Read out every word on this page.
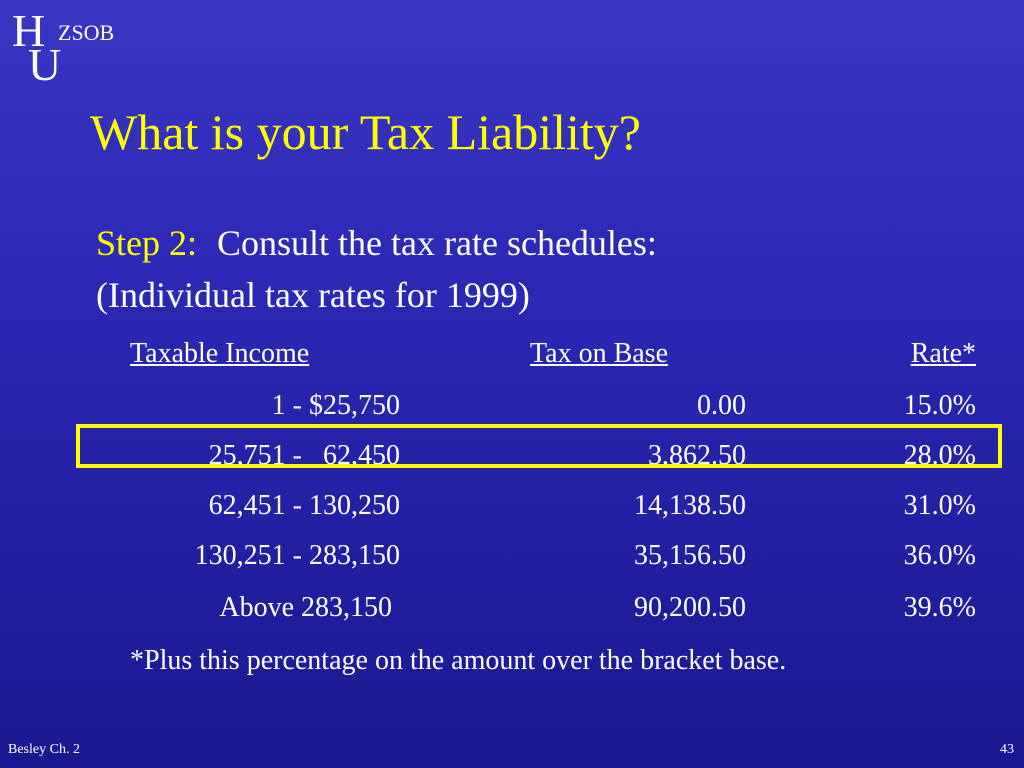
H ZSOB
U
What is your Tax Liability?
Step 2: Consult the tax rate schedules:
(Individual tax rates for 1999)
Taxable Income	Tax on Base	Rate*
1 - $25,750	0.00	15.0%
25,751 -   62,450	3,862.50	28.0%
62,451 - 130,250	14,138.50	31.0%
130,251 - 283,150	35,156.50	36.0%
Above 283,150	90,200.50	39.6%
*Plus this percentage on the amount over the bracket base.
Besley Ch. 2	43
